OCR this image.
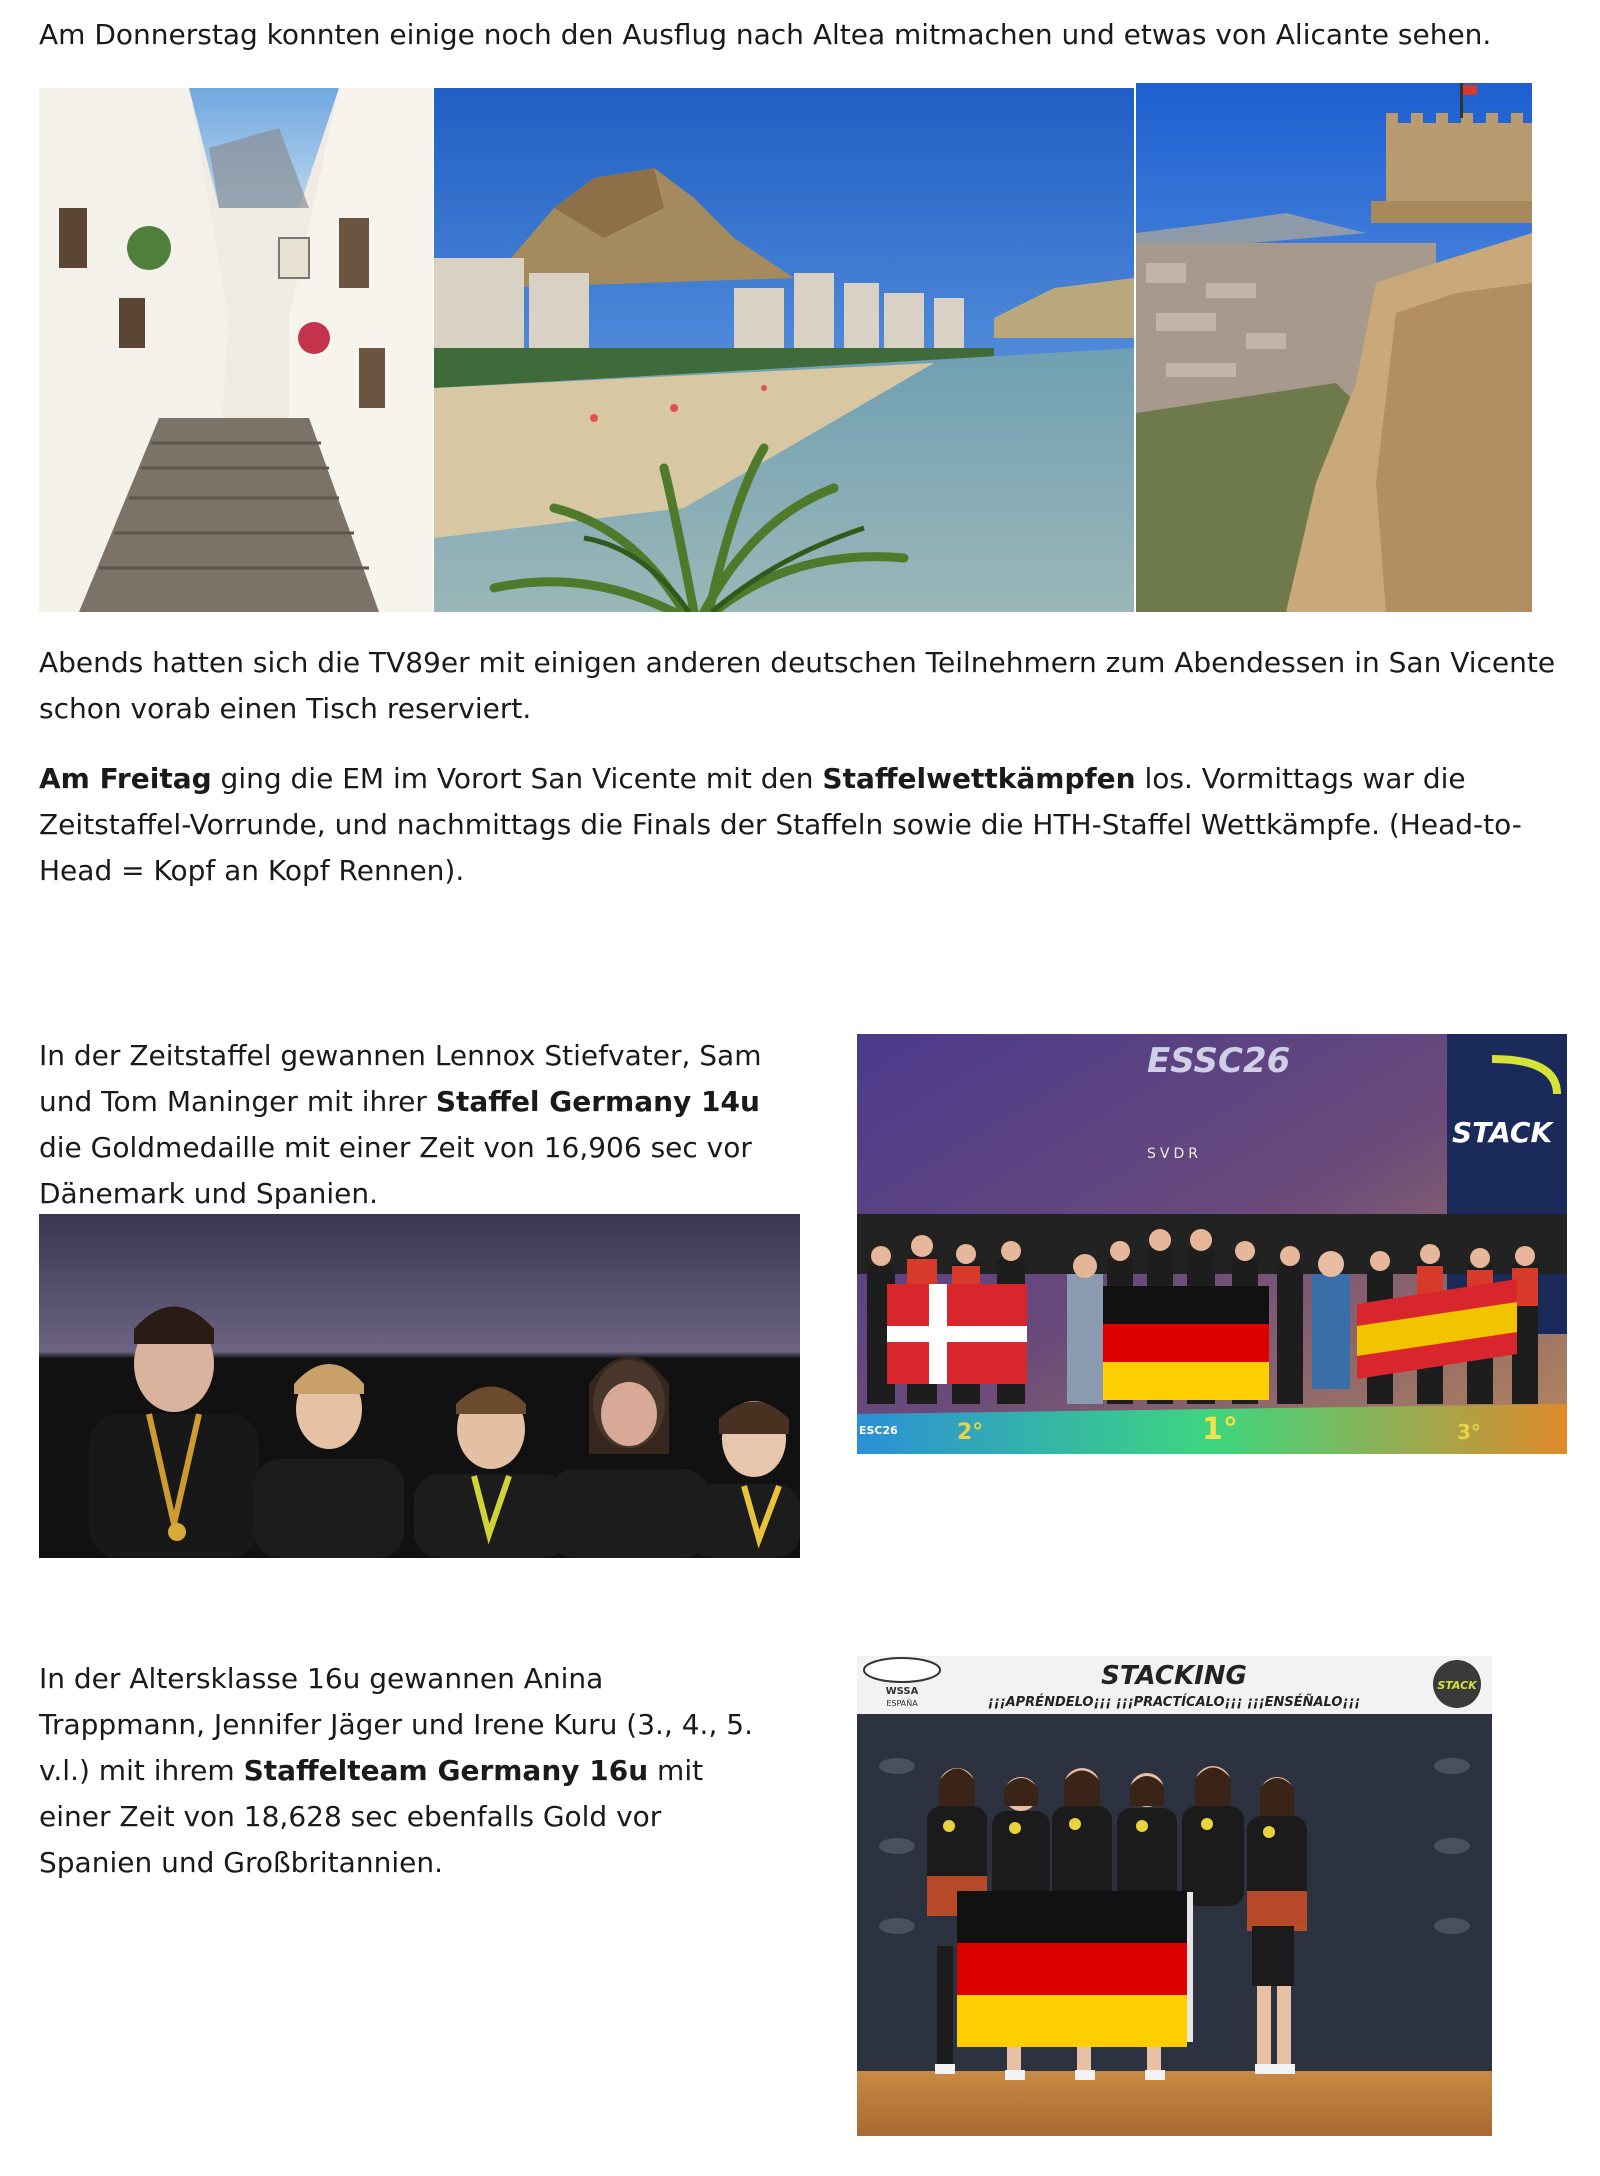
Am Donnerstag konnten einige noch den Ausflug nach Altea mitmachen und etwas von Alicante sehen.

Abends hatten sich die TV89er mit einigen anderen deutschen Teilnehmern zum Abendessen in San Vicente schon vorab einen Tisch reserviert.

Am Freitag ging die EM im Vorort San Vicente mit den Staffelwettkämpfen los. Vormittags war die Zeitstaffel-Vorrunde, und nachmittags die Finals der Staffeln sowie die HTH-Staffel Wettkämpfe. (Head-to-Head = Kopf an Kopf Rennen).

In der Zeitstaffel gewannen Lennox Stiefvater, Sam und Tom Maninger mit ihrer Staffel Germany 14u die Goldmedaille mit einer Zeit von 16,906 sec vor Dänemark und Spanien.

ESSC26
SVDR
STACK
2°	1°	3°
ESC26

In der Altersklasse 16u gewannen Anina Trappmann, Jennifer Jäger und Irene Kuru (3., 4., 5. v.l.) mit ihrem Staffelteam Germany 16u mit einer Zeit von 18,628 sec ebenfalls Gold vor Spanien und Großbritannien.

STACKING
¡¡¡APRÉNDELO¡¡¡ ¡¡¡PRACTÍCALO¡¡¡ ¡¡¡ENSÉÑALO¡¡¡
WSSA
ESPAÑA
STACK
